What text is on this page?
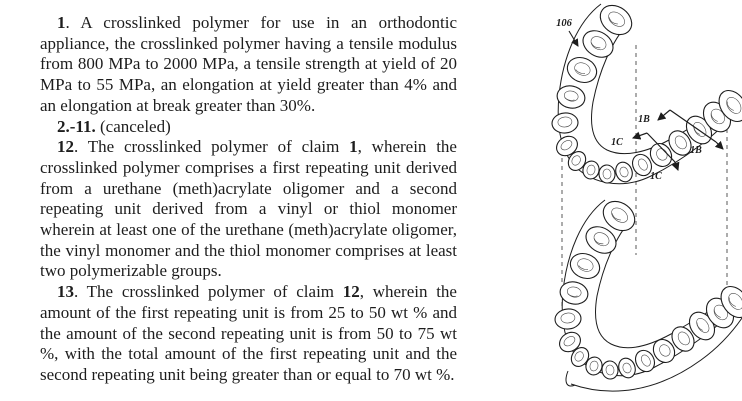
1. A crosslinked polymer for use in an orthodontic appliance, the crosslinked polymer having a tensile modulus from 800 MPa to 2000 MPa, a tensile strength at yield of 20 MPa to 55 MPa, an elongation at yield greater than 4% and an elongation at break greater than 30%.

2.-11. (canceled)

12. The crosslinked polymer of claim 1, wherein the crosslinked polymer comprises a first repeating unit derived from a urethane (meth)acrylate oligomer and a second repeating unit derived from a vinyl or thiol monomer wherein at least one of the urethane (meth)acrylate oligomer, the vinyl monomer and the thiol monomer comprises at least two polymerizable groups.

13. The crosslinked polymer of claim 12, wherein the amount of the first repeating unit is from 25 to 50 wt % and the amount of the second repeating unit is from 50 to 75 wt %, with the total amount of the first repeating unit and the second repeating unit being greater than or equal to 70 wt %.

1B
1B
1C
1C
106
